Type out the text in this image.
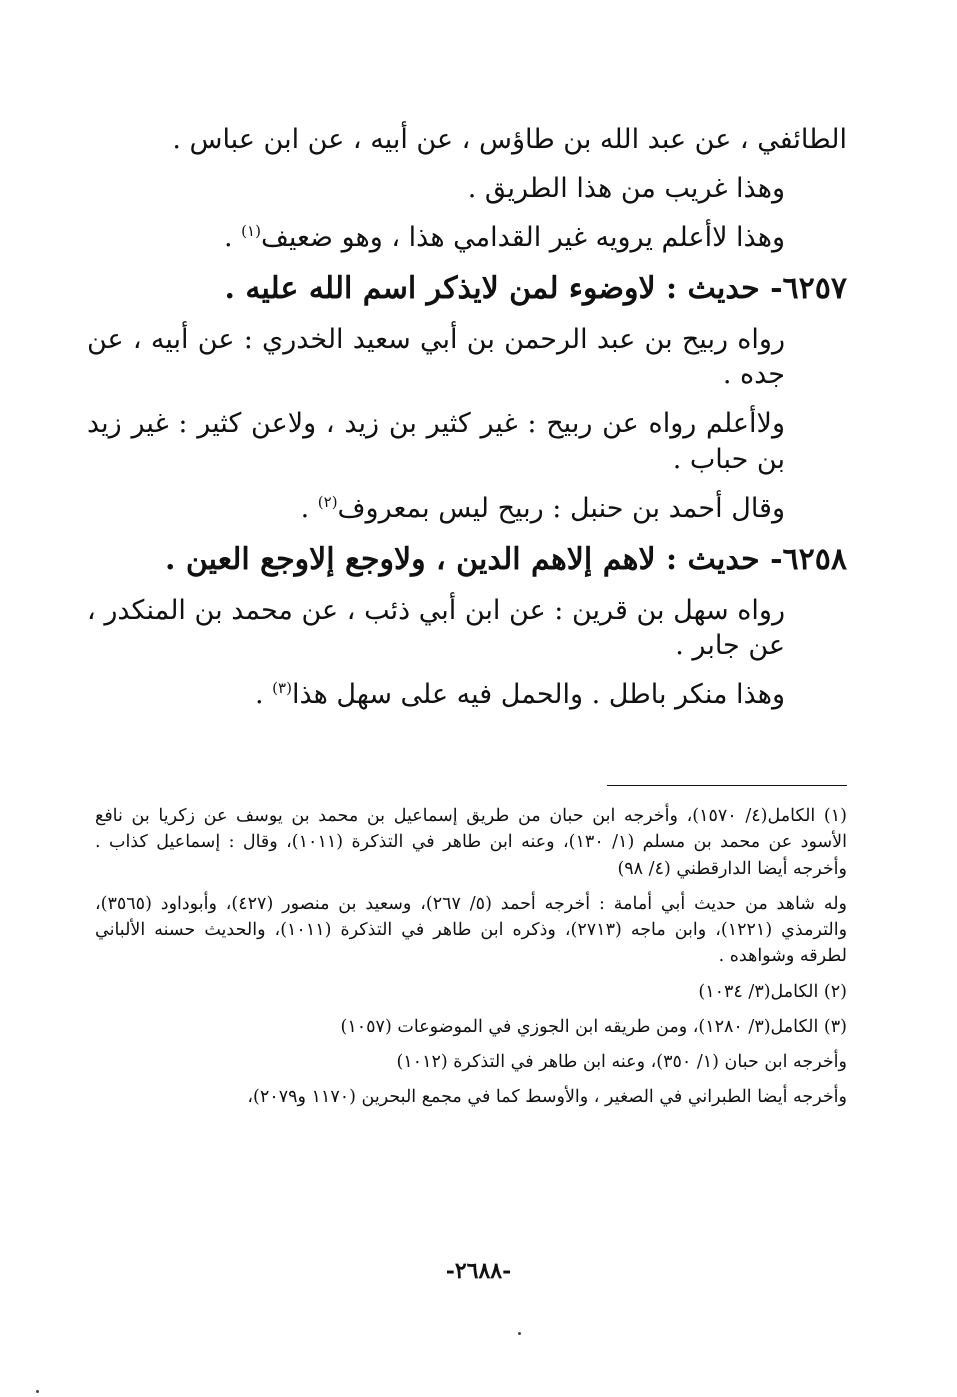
الطائفي ، عن عبد الله بن طاؤس ، عن أبيه ، عن ابن عباس .

وهذا غريب من هذا الطريق .

وهذا لاأعلم يرويه غير القدامي هذا ، وهو ضعيف$^{(١)}$ .

٦٢٥٧- حديث : لاوضوء لمن لايذكر اسم الله عليه .

رواه ربيح بن عبد الرحمن بن أبي سعيد الخدري : عن أبيه ، عن جده .

ولاأعلم رواه عن ربيح : غير كثير بن زيد ، ولاعن كثير : غير زيد بن حباب .

وقال أحمد بن حنبل : ربيح ليس بمعروف$^{(٢)}$ .

٦٢٥٨- حديث : لاهم إلاهم الدين ، ولاوجع إلاوجع العين .

رواه سهل بن قرين : عن ابن أبي ذئب ، عن محمد بن المنكدر ، عن جابر .

وهذا منكر باطل . والحمل فيه على سهل هذا$^{(٣)}$ .

(١) الكامل(٤/ ١٥٧٠)، وأخرجه ابن حبان من طريق إسماعيل بن محمد بن يوسف عن زكريا بن نافع الأسود عن محمد بن مسلم (١/ ١٣٠)، وعنه ابن طاهر في التذكرة (١٠١١)، وقال : إسماعيل كذاب . وأخرجه أيضا الدارقطني (٤/ ٩٨)

وله شاهد من حديث أبي أمامة : أخرجه أحمد (٥/ ٢٦٧)، وسعيد بن منصور (٤٢٧)، وأبوداود (٣٥٦٥)، والترمذي (١٢٢١)، وابن ماجه (٢٧١٣)، وذكره ابن طاهر في التذكرة (١٠١١)، والحديث حسنه الألباني لطرقه وشواهده .

(٢) الكامل(٣/ ١٠٣٤)

(٣) الكامل(٣/ ١٢٨٠)، ومن طريقه ابن الجوزي في الموضوعات (١٠٥٧)

وأخرجه ابن حبان (١/ ٣٥٠)، وعنه ابن طاهر في التذكرة (١٠١٢)

وأخرجه أيضا الطبراني في الصغير ، والأوسط كما في مجمع البحرين (١١٧٠ و٢٠٧٩)،

-٢٦٨٨-
